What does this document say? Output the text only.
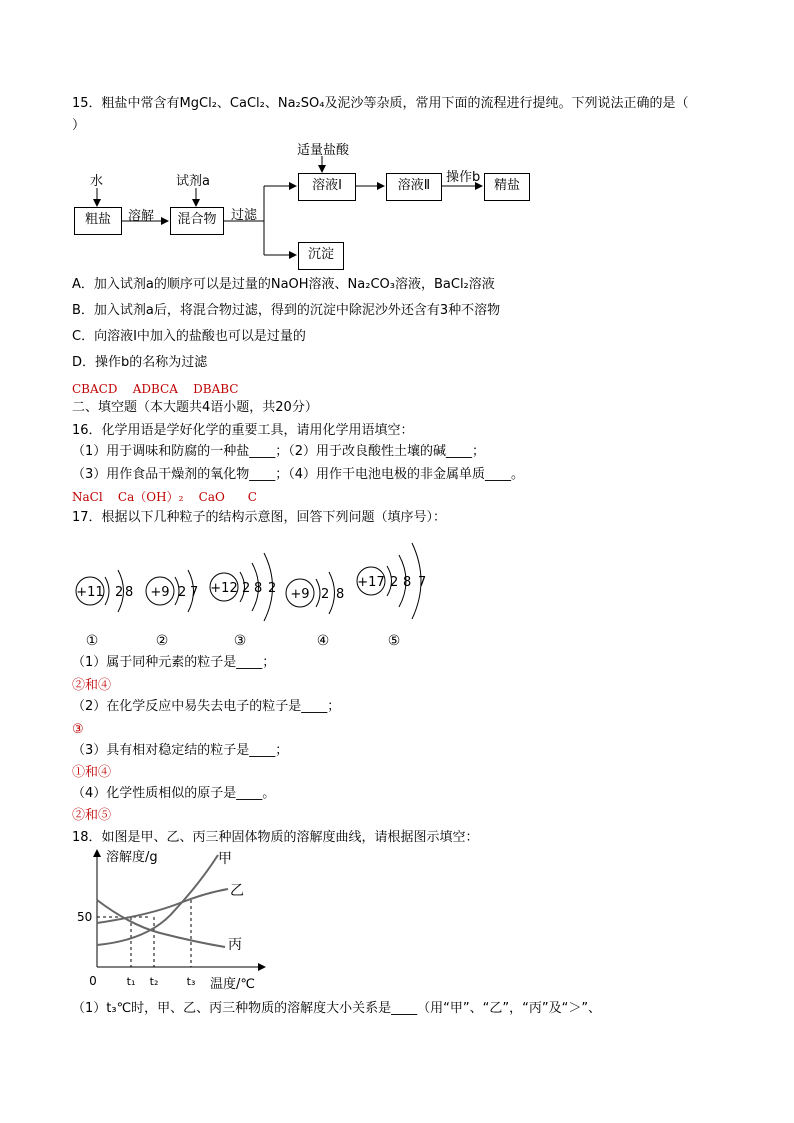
15．粗盐中常含有MgCl₂、CaCl₂、Na₂SO₄及泥沙等杂质，常用下面的流程进行提纯。下列说法正确的是（
）
水	试剂a
适量盐酸
操作b
溶解	过滤
粗盐	混合物
溶液Ⅰ	溶液Ⅱ	精盐
沉淀
A．加入试剂a的顺序可以是过量的NaOH溶液、Na₂CO₃溶液，BaCl₂溶液
B．加入试剂a后，将混合物过滤，得到的沉淀中除泥沙外还含有3种不溶物
C．向溶液Ⅰ中加入的盐酸也可以是过量的
D．操作b的名称为过滤
CBACD    ADBCA    DBABC
二、填空题（本大题共4语小题，共20分）
16．化学用语是学好化学的重要工具，请用化学用语填空：
（1）用于调味和防腐的一种盐____；（2）用于改良酸性土壤的碱____；
（3）用作食品干燥剂的氧化物____；（4）用作干电池电极的非金属单质____。
NaCl    Ca（OH）₂    CaO      C
17．根据以下几种粒子的结构示意图，回答下列问题（填序号）：
+11 2 8 +9 2 7 +12 2 8 2 +9 2 8
+17 2 8 7
①	②	③	④	⑤
（1）属于同种元素的粒子是____；
②和④
（2）在化学反应中易失去电子的粒子是____；
③
（3）具有相对稳定结的粒子是____；
①和④
（4）化学性质相似的原子是____。
②和⑤
18．如图是甲、乙、丙三种固体物质的溶解度曲线，请根据图示填空：
溶解度/g
温度/℃
0
50
t₁ t₂	t₃
甲
乙
丙
（1）t₃℃时，甲、乙、丙三种物质的溶解度大小关系是____（用“甲”、“乙”，“丙”及“＞”、
